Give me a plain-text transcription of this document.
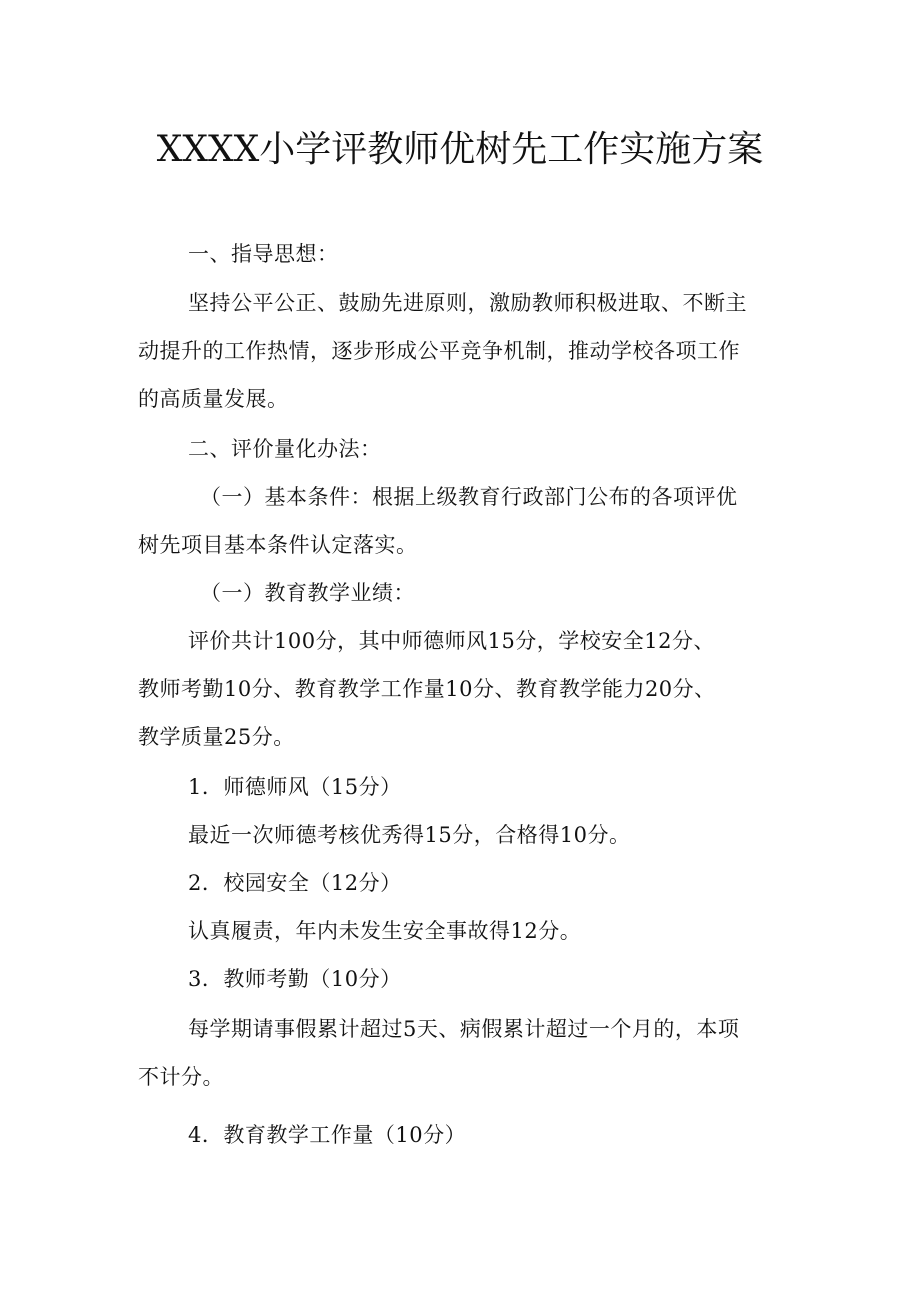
XXXX小学评教师优树先工作实施方案
一、指导思想：
坚持公平公正、鼓励先进原则，激励教师积极进取、不断主
动提升的工作热情，逐步形成公平竞争机制，推动学校各项工作
的高质量发展。
二、评价量化办法：
（一）基本条件：根据上级教育行政部门公布的各项评优
树先项目基本条件认定落实。
（一）教育教学业绩：
评价共计100分，其中师德师风15分，学校安全12分、
教师考勤10分、教育教学工作量10分、教育教学能力20分、
教学质量25分。
1．师德师风（15分）
最近一次师德考核优秀得15分，合格得10分。
2．校园安全（12分）
认真履责，年内未发生安全事故得12分。
3．教师考勤（10分）
每学期请事假累计超过5天、病假累计超过一个月的，本项
不计分。
4．教育教学工作量（10分）
